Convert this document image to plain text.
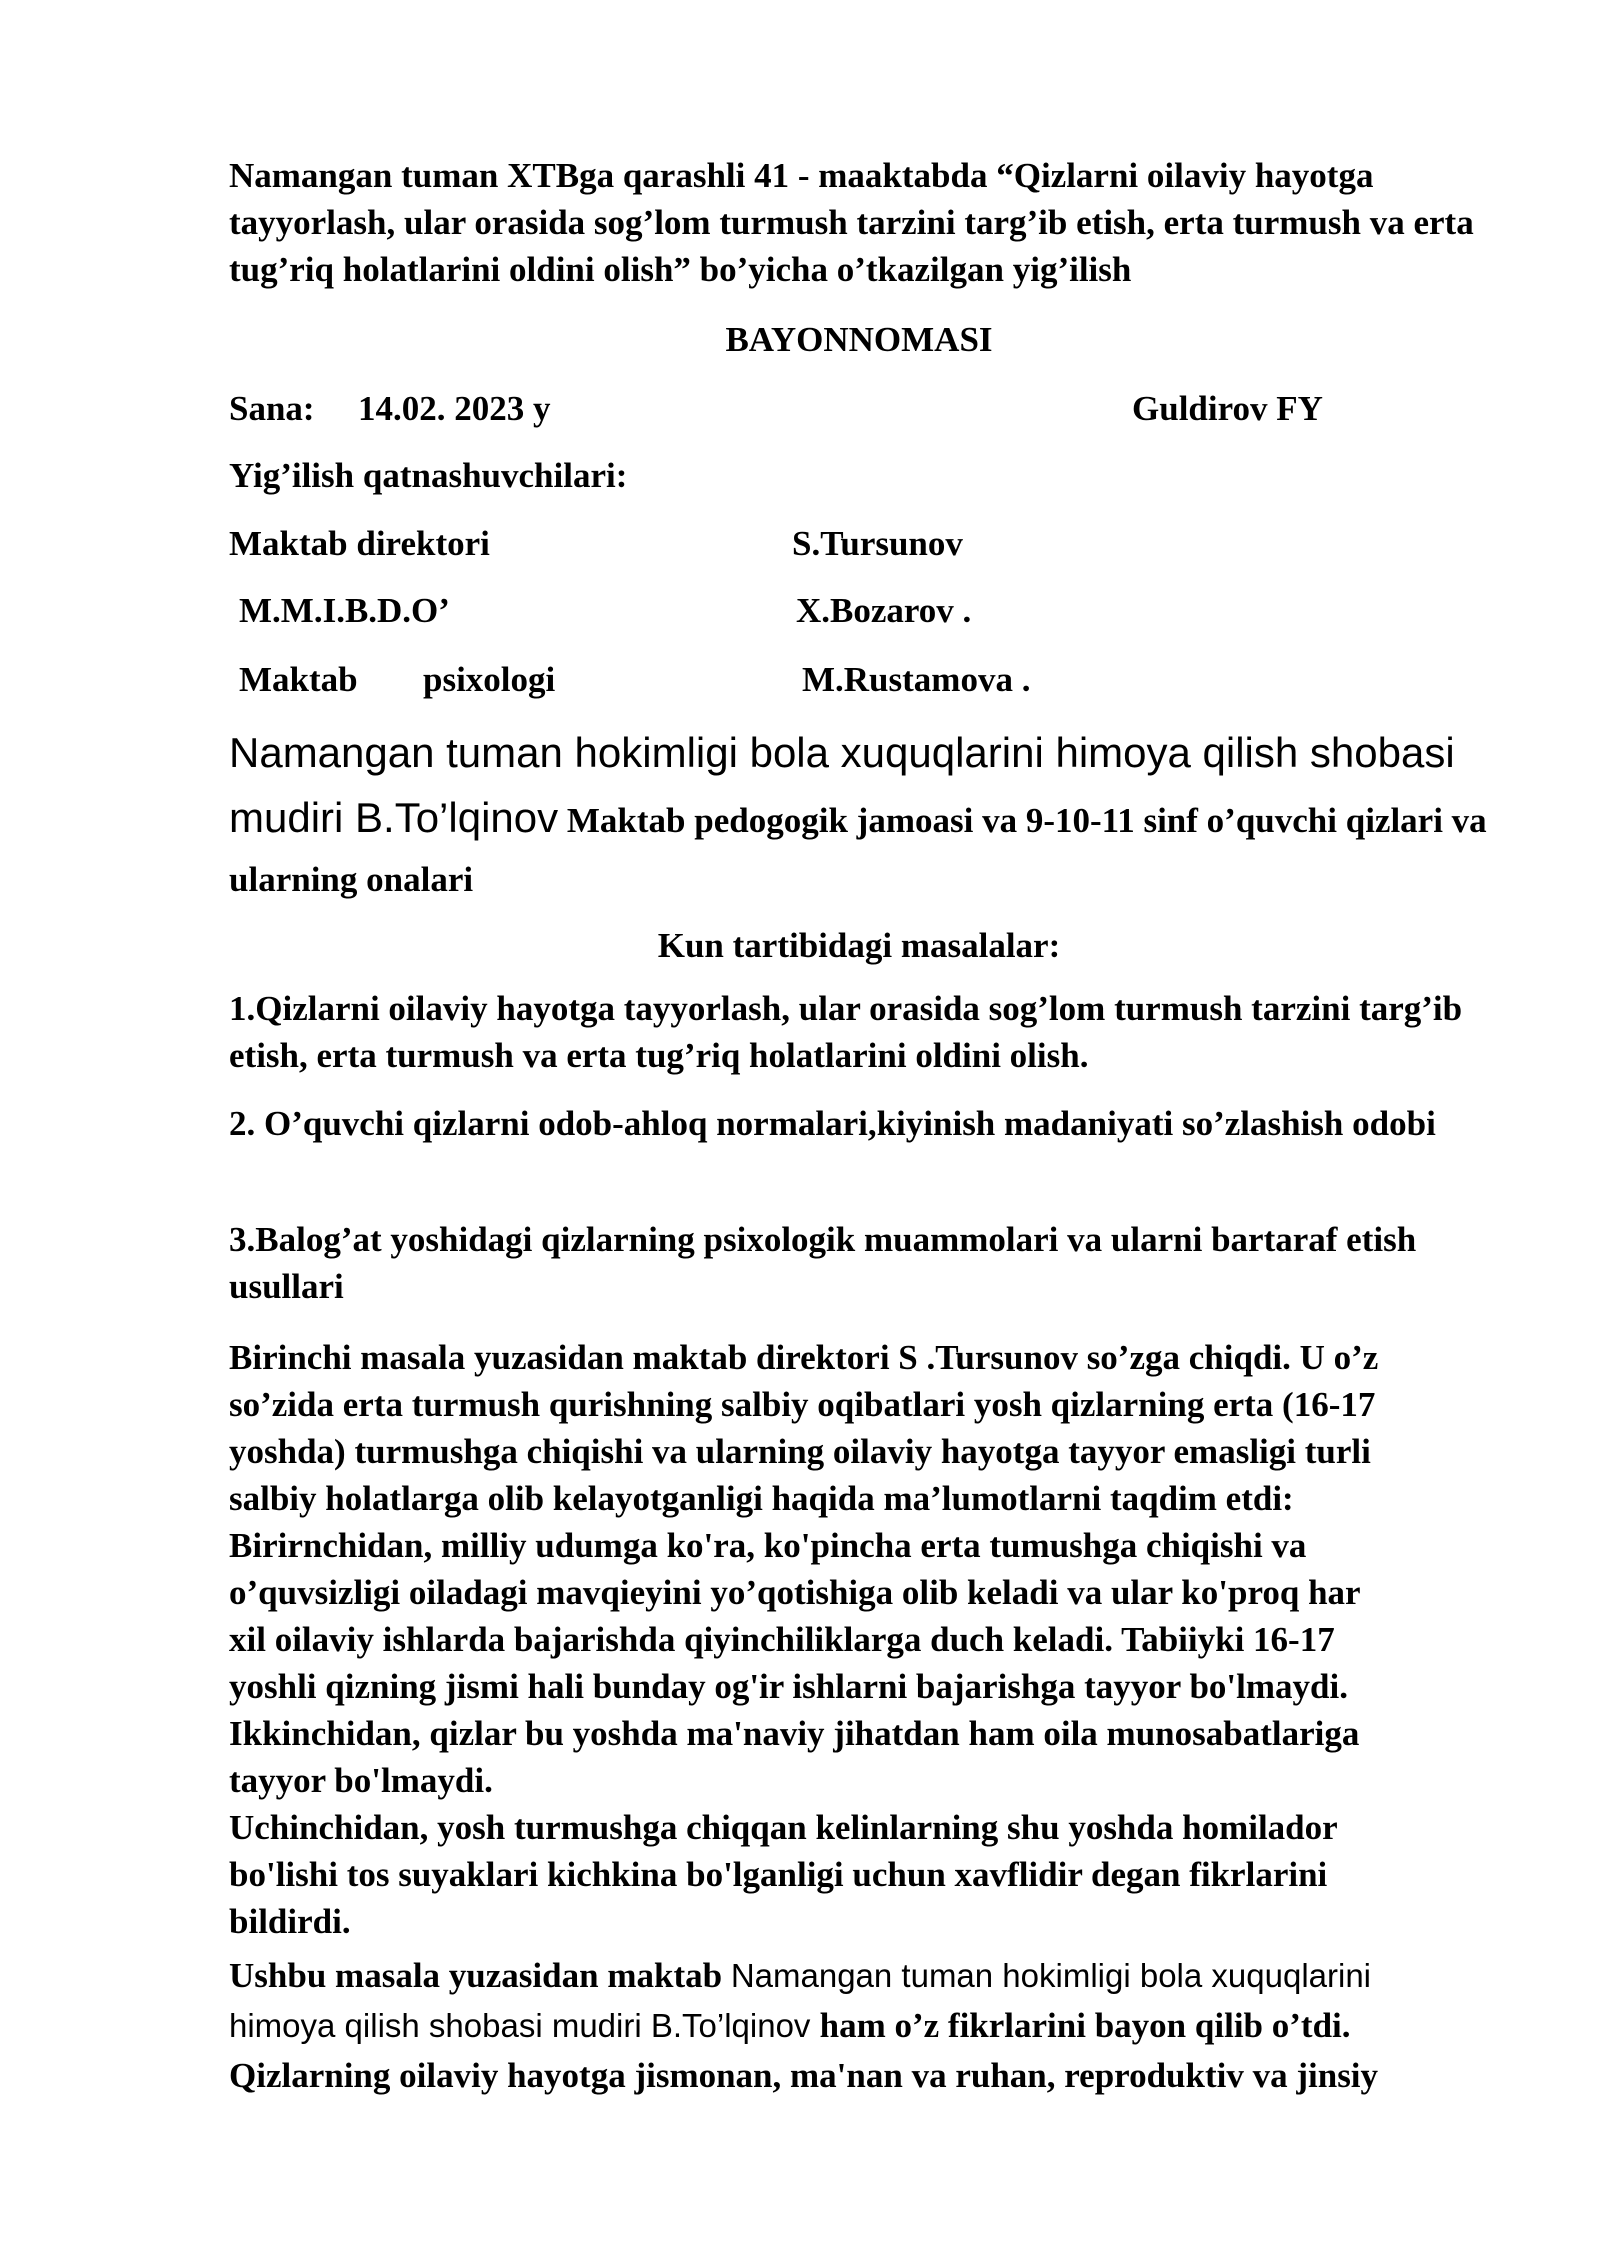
Namangan tuman XTBga qarashli 41 - maaktabda “Qizlarni oilaviy hayotga tayyorlash, ular orasida sog’lom turmush tarzini targ’ib etish, erta turmush va erta tug’riq holatlarini oldini olish” bo’yicha o’tkazilgan yig’ilish

BAYONNOMASI
Sana: 14.02. 2023 y	Guldirov FY
Yig’ilish qatnashuvchilari:
Maktab direktori	S.Tursunov
M.M.I.B.D.O’	X.Bozarov .
Maktab psixologi	M.Rustamova .

Namangan tuman hokimligi bola xuquqlarini himoya qilish shobasi mudiri B.To’lqinov Maktab pedogogik jamoasi va 9-10-11 sinf o’quvchi qizlari va ularning onalari

Kun tartibidagi masalalar:

1.Qizlarni oilaviy hayotga tayyorlash, ular orasida sog’lom turmush tarzini targ’ib etish, erta turmush va erta tug’riq holatlarini oldini olish.

2. O’quvchi qizlarni odob-ahloq normalari,kiyinish madaniyati so’zlashish odobi

3.Balog’at yoshidagi qizlarning psixologik muammolari va ularni bartaraf etish usullari

Birinchi masala yuzasidan maktab direktori S .Tursunov so’zga chiqdi. U o’z
so’zida erta turmush qurishning salbiy oqibatlari yosh qizlarning erta (16-17
yoshda) turmushga chiqishi va ularning oilaviy hayotga tayyor emasligi turli
salbiy holatlarga olib kelayotganligi haqida ma’lumotlarni taqdim etdi:
Birirnchidan, milliy udumga ko'ra, ko'pincha erta tumushga chiqishi va
o’quvsizligi oiladagi mavqieyini yo’qotishiga olib keladi va ular ko'proq har
xil oilaviy ishlarda bajarishda qiyinchiliklarga duch keladi. Tabiiyki 16-17
yoshli qizning jismi hali bunday og'ir ishlarni bajarishga tayyor bo'lmaydi.
Ikkinchidan, qizlar bu yoshda ma'naviy jihatdan ham oila munosabatlariga
tayyor bo'lmaydi.
Uchinchidan, yosh turmushga chiqqan kelinlarning shu yoshda homilador
bo'lishi tos suyaklari kichkina bo'lganligi uchun xavflidir degan fikrlarini
bildirdi.
Ushbu masala yuzasidan maktab Namangan tuman hokimligi bola xuquqlarini
himoya qilish shobasi mudiri B.To’lqinov ham o’z fikrlarini bayon qilib o’tdi.
Qizlarning oilaviy hayotga jismonan, ma'nan va ruhan, reproduktiv va jinsiy
